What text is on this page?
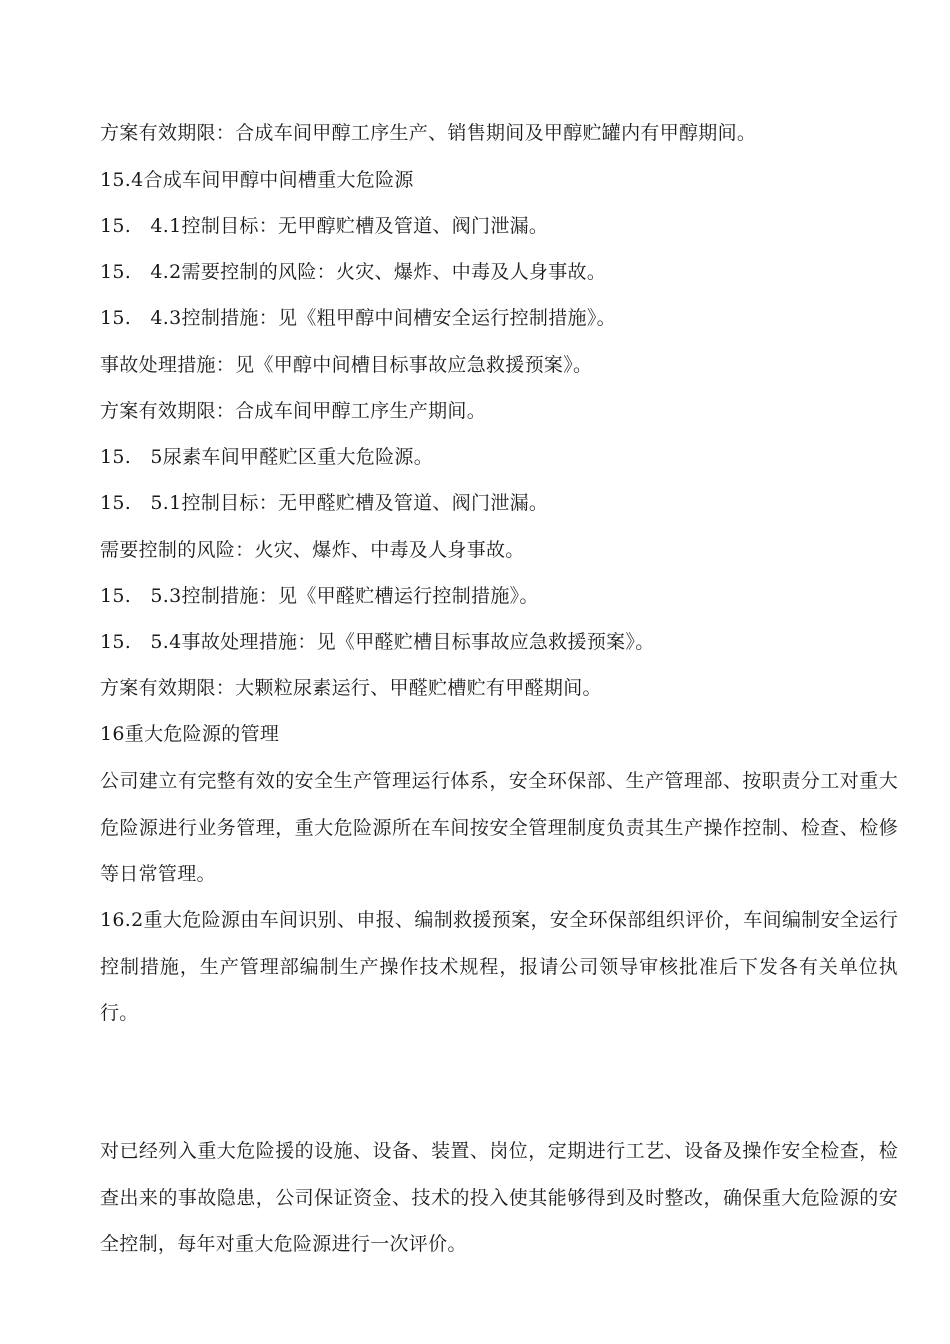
方案有效期限：合成车间甲醇工序生产、销售期间及甲醇贮罐内有甲醇期间。
15.4合成车间甲醇中间槽重大危险源
15.　4.1控制目标：无甲醇贮槽及管道、阀门泄漏。
15.　4.2需要控制的风险：火灾、爆炸、中毒及人身事故。
15.　4.3控制措施：见《粗甲醇中间槽安全运行控制措施》。
事故处理措施：见《甲醇中间槽目标事故应急救援预案》。
方案有效期限：合成车间甲醇工序生产期间。
15.　5尿素车间甲醛贮区重大危险源。
15.　5.1控制目标：无甲醛贮槽及管道、阀门泄漏。
需要控制的风险：火灾、爆炸、中毒及人身事故。
15.　5.3控制措施：见《甲醛贮槽运行控制措施》。
15.　5.4事故处理措施：见《甲醛贮槽目标事故应急救援预案》。
方案有效期限：大颗粒尿素运行、甲醛贮槽贮有甲醛期间。
16重大危险源的管理
公司建立有完整有效的安全生产管理运行体系，安全环保部、生产管理部、按职责分工对重大危险源进行业务管理，重大危险源所在车间按安全管理制度负责其生产操作控制、检查、检修等日常管理。
16.2重大危险源由车间识别、申报、编制救援预案，安全环保部组织评价，车间编制安全运行控制措施，生产管理部编制生产操作技术规程，报请公司领导审核批准后下发各有关单位执行。
对已经列入重大危险援的设施、设备、装置、岗位，定期进行工艺、设备及操作安全检查，检查出来的事故隐患，公司保证资金、技术的投入使其能够得到及时整改，确保重大危险源的安全控制，每年对重大危险源进行一次评价。
